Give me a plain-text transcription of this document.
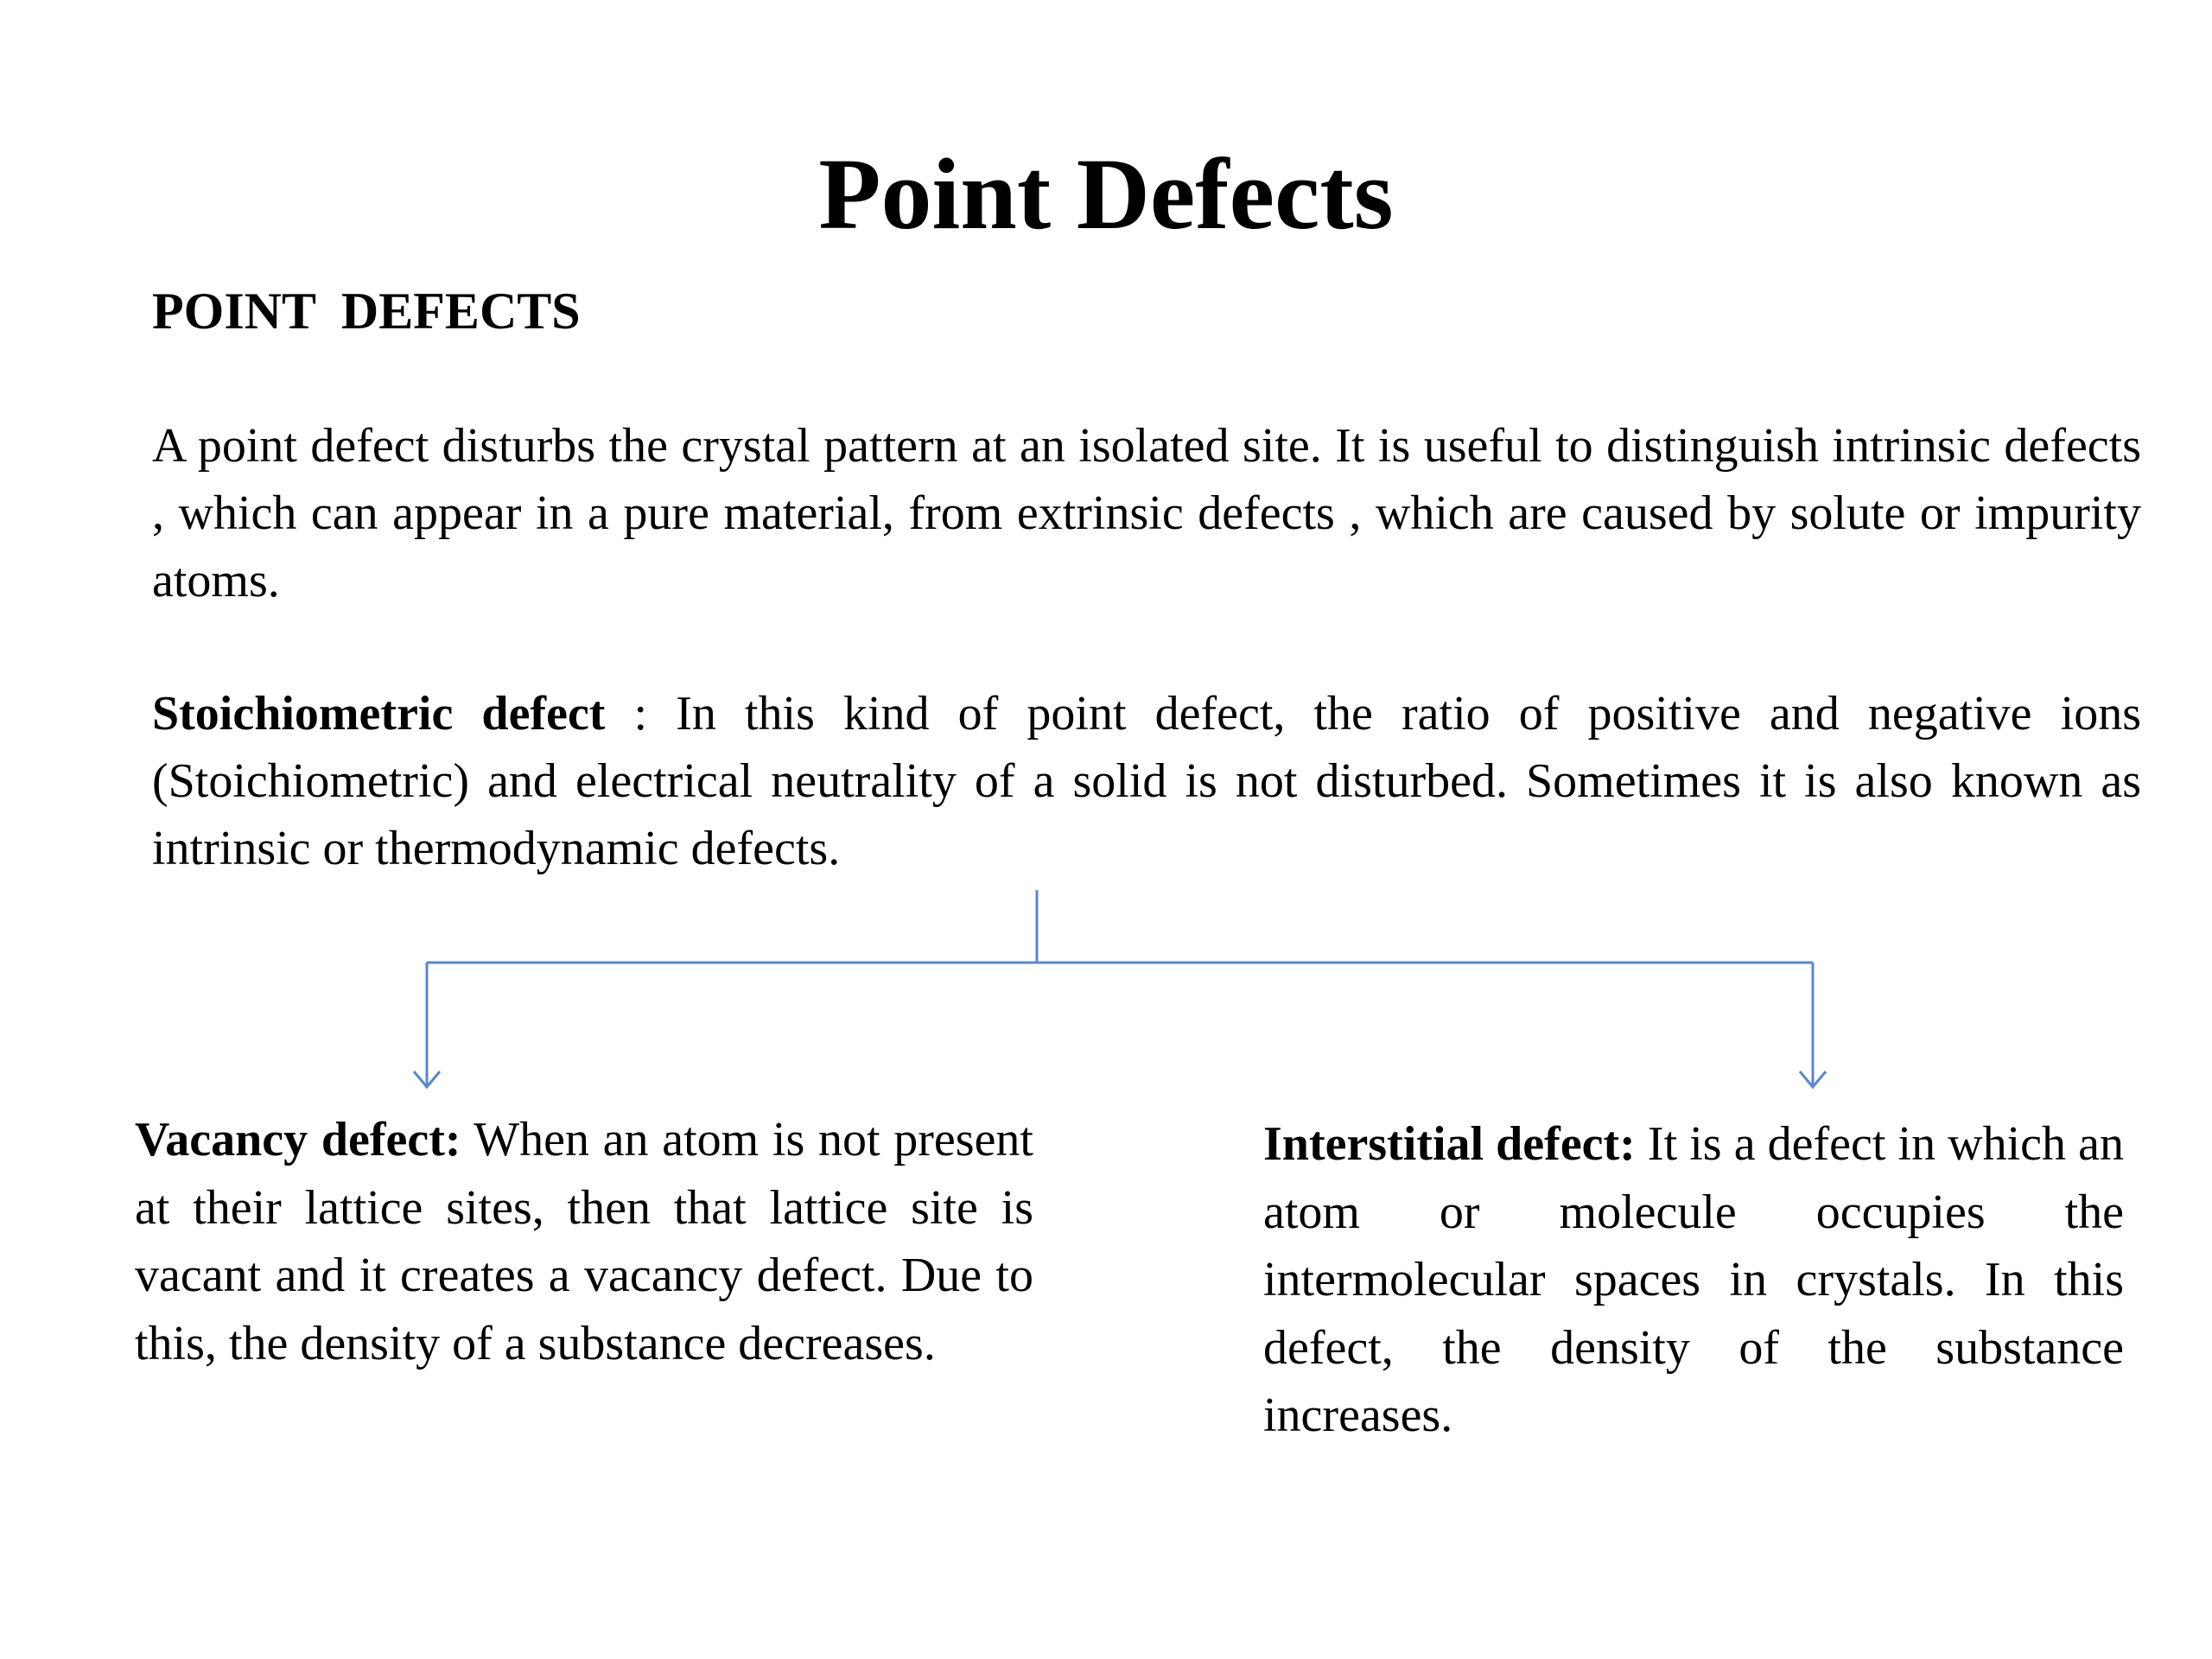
Point Defects
POINT  DEFECTS

A point defect disturbs the crystal pattern at an isolated site. It is useful to distinguish intrinsic defects , which can appear in a pure material, from extrinsic defects , which are caused by solute or impurity atoms.

Stoichiometric defect : In this kind of point defect, the ratio of positive and negative ions (Stoichiometric) and electrical neutrality of a solid is not disturbed. Sometimes it is also known as intrinsic or thermodynamic defects.

Vacancy defect: When an atom is not present at their lattice sites, then that lattice site is vacant and it creates a vacancy defect. Due to this, the density of a substance decreases.

Interstitial defect: It is a defect in which an atom or molecule occupies the intermolecular spaces in crystals. In this defect, the density of the substance increases.
